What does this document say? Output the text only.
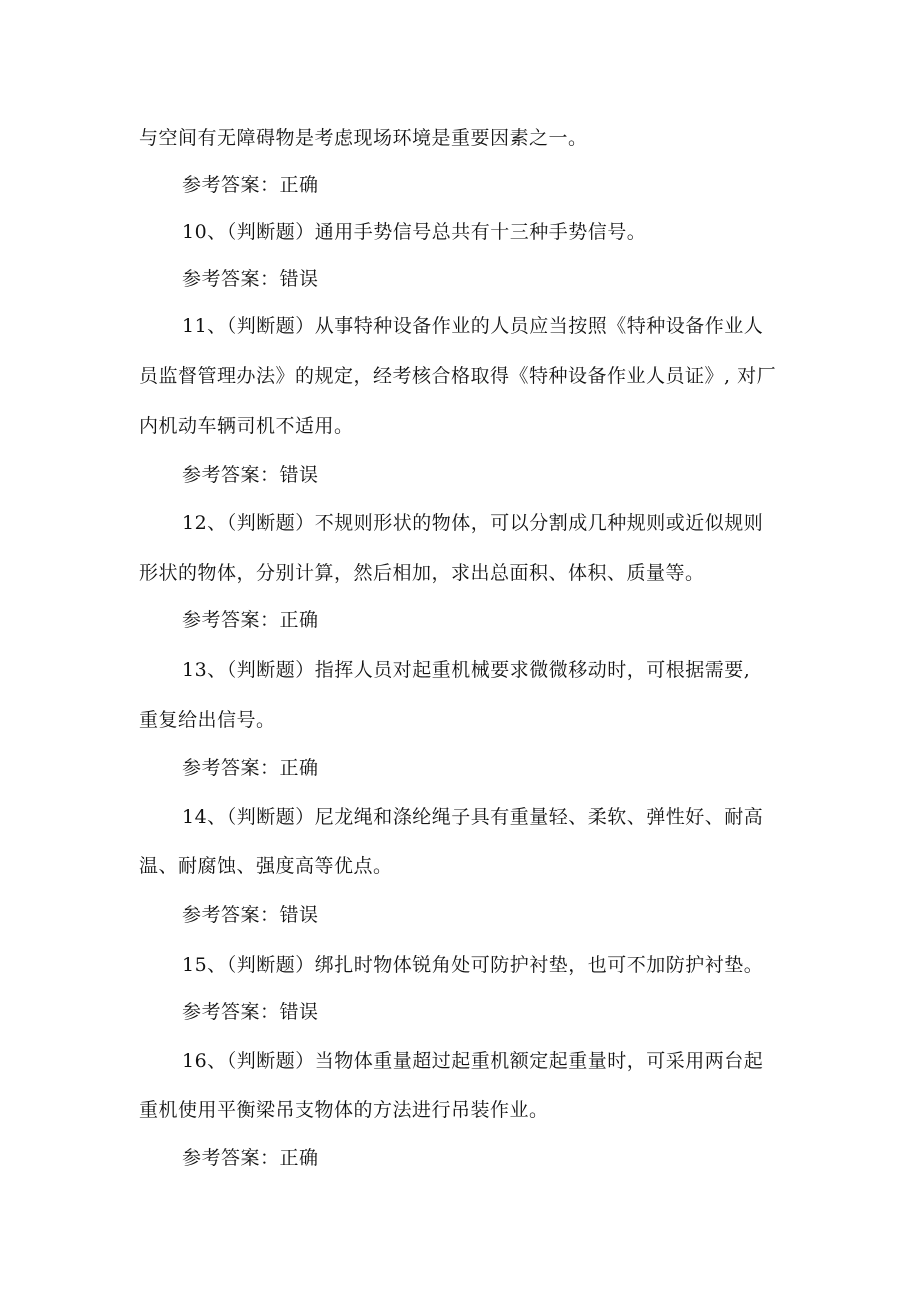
与空间有无障碍物是考虑现场环境是重要因素之一。
参考答案：正确
10、（判断题）通用手势信号总共有十三种手势信号。
参考答案：错误
11、（判断题）从事特种设备作业的人员应当按照《特种设备作业人
员监督管理办法》的规定，经考核合格取得《特种设备作业人员证》, 对厂
内机动车辆司机不适用。
参考答案：错误
12、（判断题）不规则形状的物体，可以分割成几种规则或近似规则
形状的物体，分别计算，然后相加，求出总面积、体积、质量等。
参考答案：正确
13、（判断题）指挥人员对起重机械要求微微移动时，可根据需要,
重复给出信号。
参考答案：正确
14、（判断题）尼龙绳和涤纶绳子具有重量轻、柔软、弹性好、耐高
温、耐腐蚀、强度高等优点。
参考答案：错误
15、（判断题）绑扎时物体锐角处可防护衬垫，也可不加防护衬垫。
参考答案：错误
16、（判断题）当物体重量超过起重机额定起重量时，可采用两台起
重机使用平衡梁吊支物体的方法进行吊装作业。
参考答案：正确
